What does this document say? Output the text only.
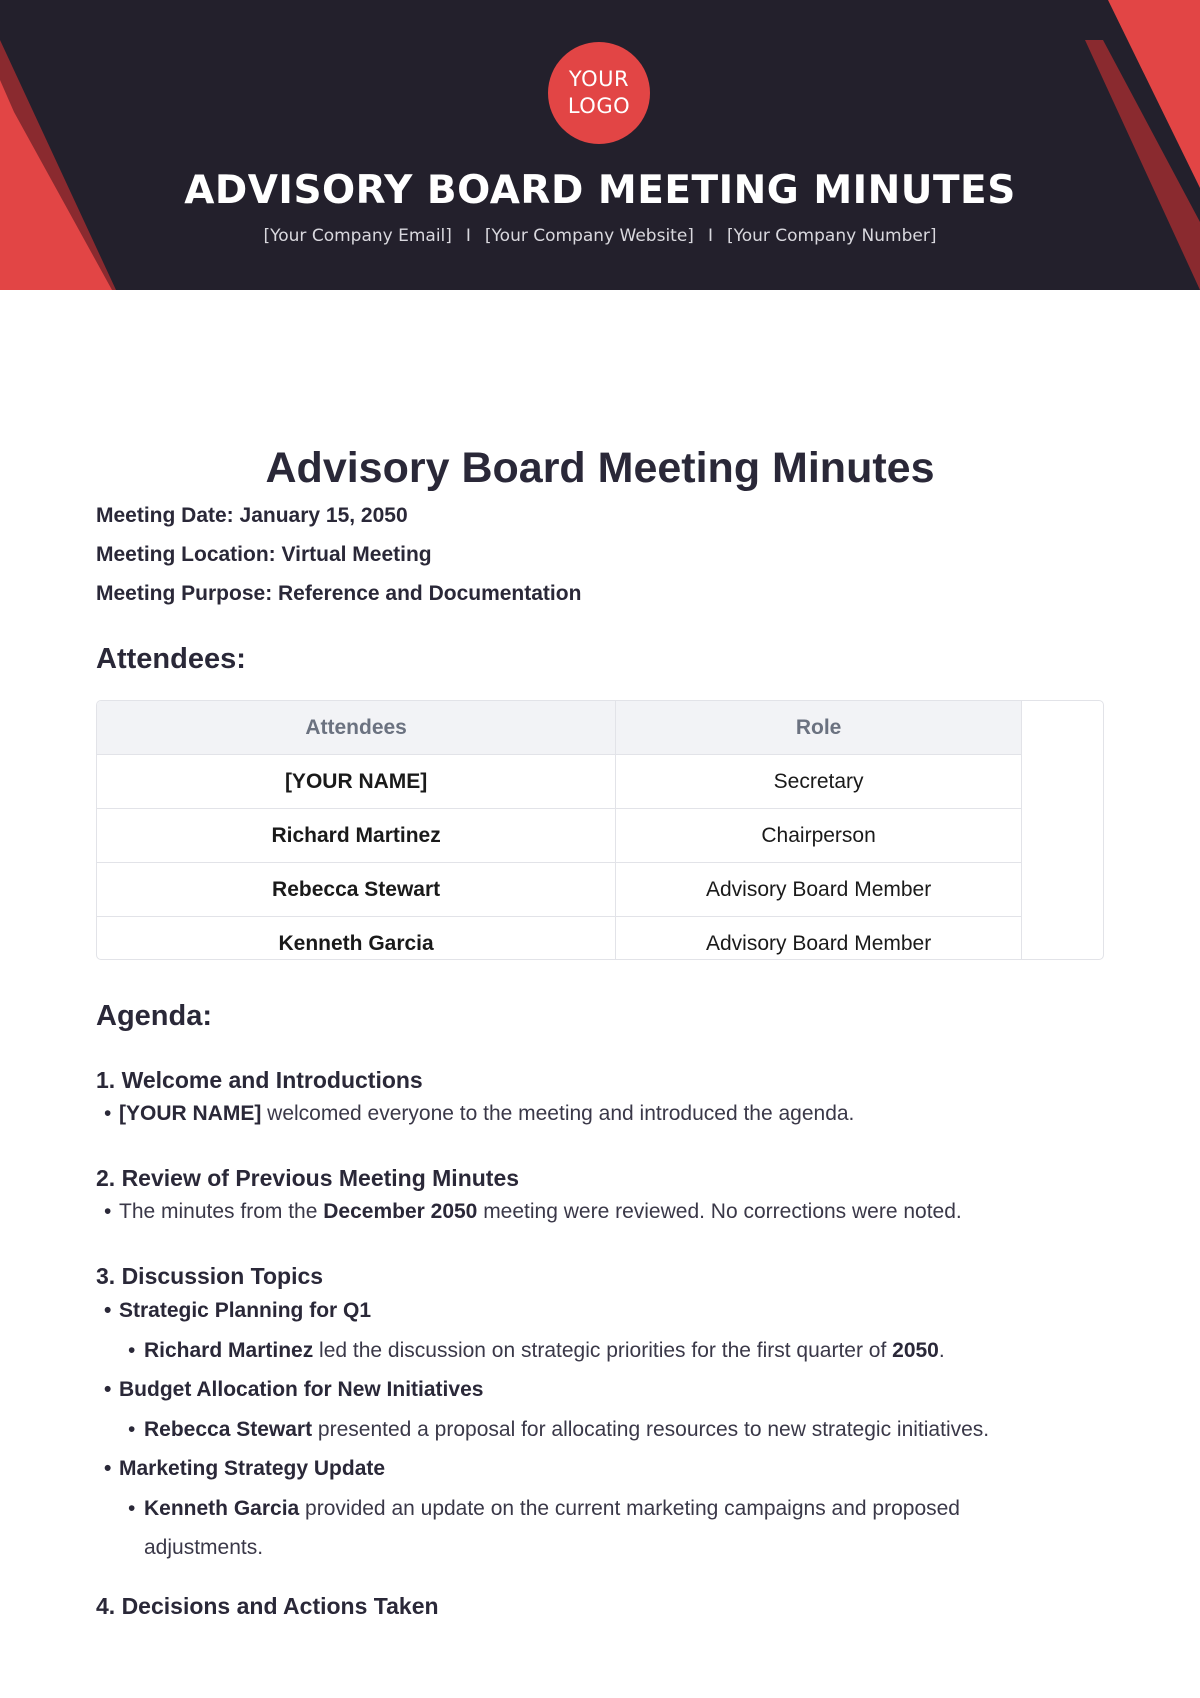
YOUR
LOGO
ADVISORY BOARD MEETING MINUTES
[Your Company Email] I [Your Company Website] I [Your Company Number]
Advisory Board Meeting Minutes
Meeting Date: January 15, 2050
Meeting Location: Virtual Meeting
Meeting Purpose: Reference and Documentation
Attendees:
Attendees	Role
[YOUR NAME]	Secretary
Richard Martinez	Chairperson
Rebecca Stewart	Advisory Board Member
Kenneth Garcia	Advisory Board Member
Agenda:
1. Welcome and Introductions
• [YOUR NAME] welcomed everyone to the meeting and introduced the agenda.
2. Review of Previous Meeting Minutes
• The minutes from the December 2050 meeting were reviewed. No corrections were noted.
3. Discussion Topics
• Strategic Planning for Q1
• Richard Martinez led the discussion on strategic priorities for the first quarter of 2050.
• Budget Allocation for New Initiatives
• Rebecca Stewart presented a proposal for allocating resources to new strategic initiatives.
• Marketing Strategy Update
• Kenneth Garcia provided an update on the current marketing campaigns and proposed adjustments.
4. Decisions and Actions Taken
